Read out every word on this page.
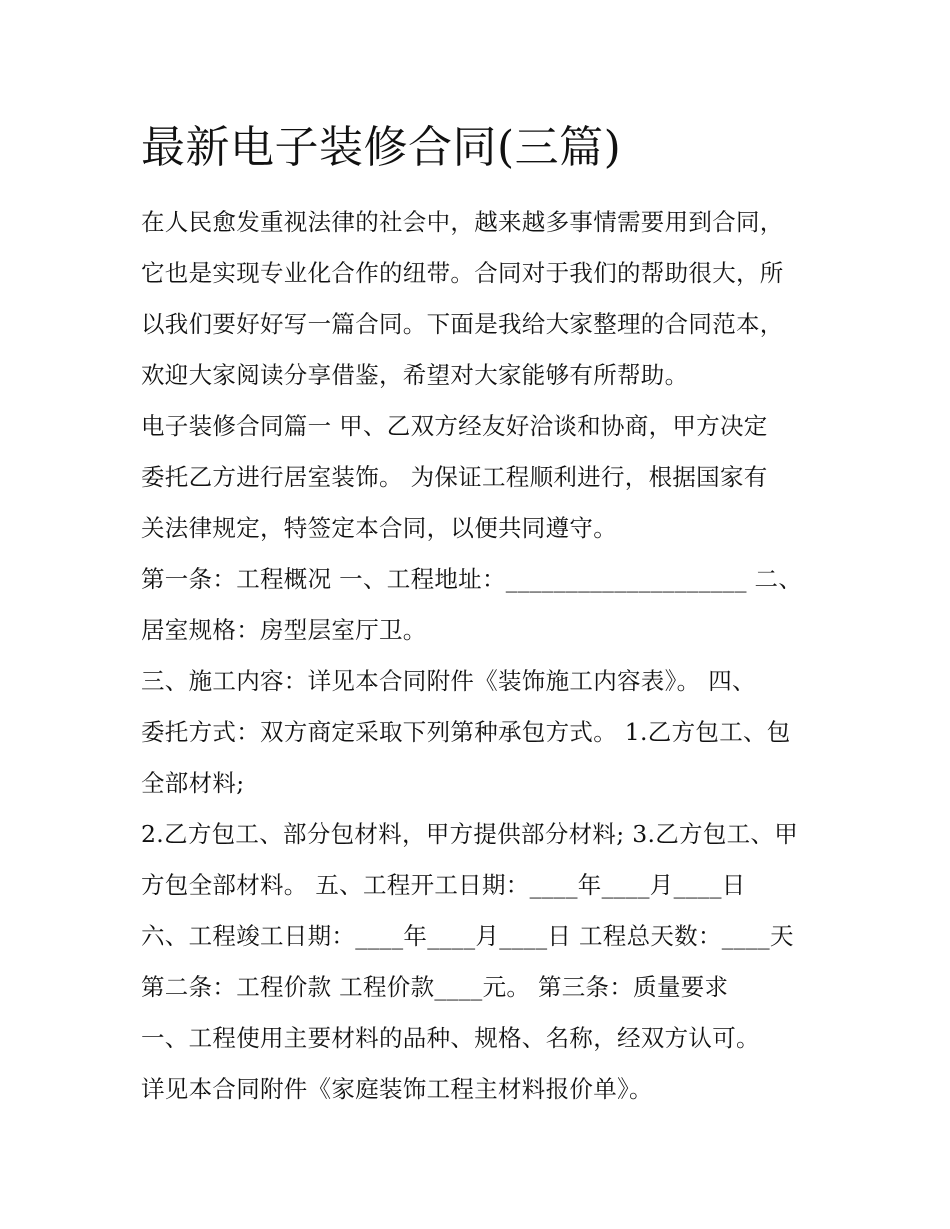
最新电子装修合同(三篇)

在人民愈发重视法律的社会中，越来越多事情需要用到合同，

它也是实现专业化合作的纽带。合同对于我们的帮助很大，所

以我们要好好写一篇合同。下面是我给大家整理的合同范本，

欢迎大家阅读分享借鉴，希望对大家能够有所帮助。

电子装修合同篇一 甲、乙双方经友好洽谈和协商，甲方决定

委托乙方进行居室装饰。 为保证工程顺利进行，根据国家有

关法律规定，特签定本合同，以便共同遵守。

第一条：工程概况 一、工程地址：____________________ 二、

居室规格：房型层室厅卫。

三、施工内容：详见本合同附件《装饰施工内容表》。 四、

委托方式：双方商定采取下列第种承包方式。 1.乙方包工、包

全部材料;

2.乙方包工、部分包材料，甲方提供部分材料; 3.乙方包工、甲

方包全部材料。 五、工程开工日期：____年____月____日

六、工程竣工日期：____年____月____日 工程总天数：____天

第二条：工程价款 工程价款____元。 第三条：质量要求

一、工程使用主要材料的品种、规格、名称，经双方认可。

详见本合同附件《家庭装饰工程主材料报价单》。
